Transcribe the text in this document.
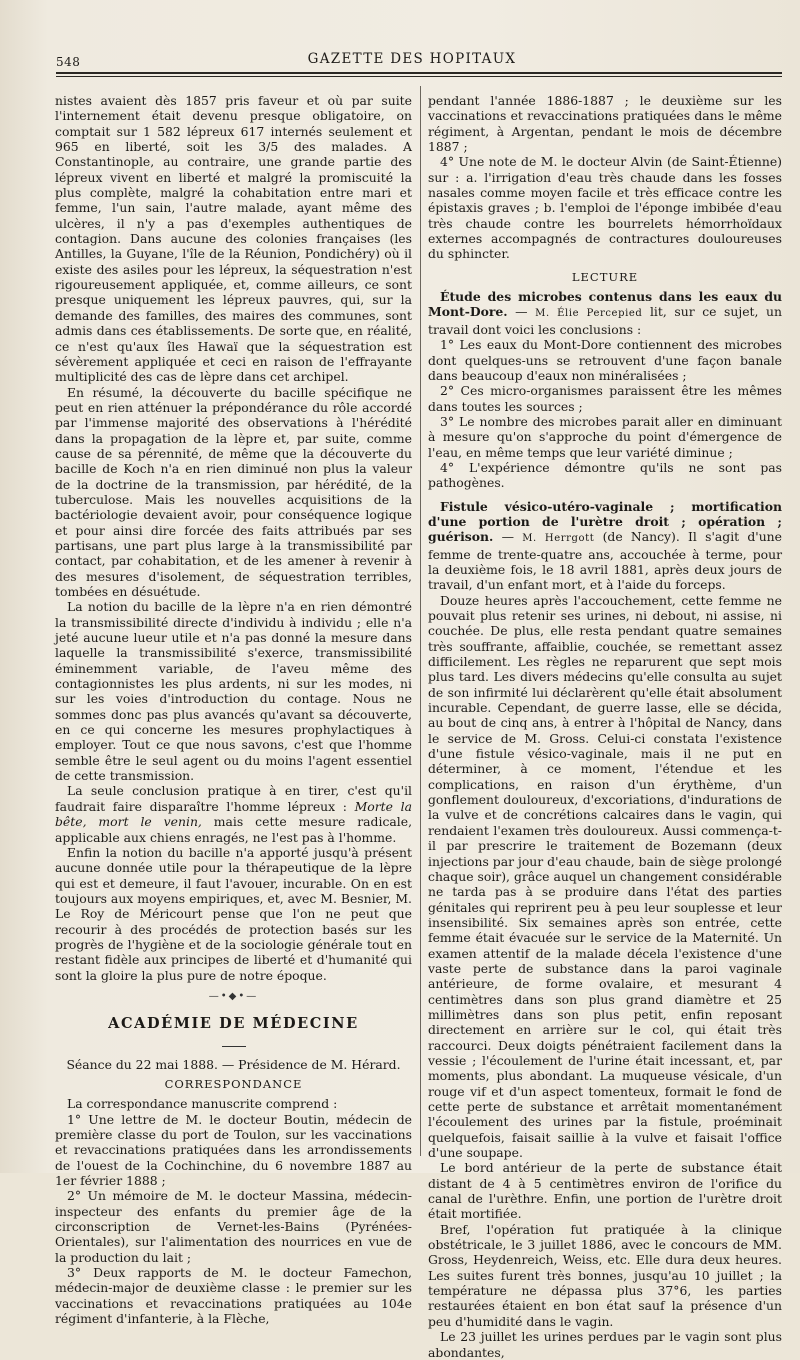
548	GAZETTE DES HOPITAUX

nistes avaient dès 1857 pris faveur et où par suite l'internement était devenu presque obligatoire, on comptait sur 1 582 lépreux 617 internés seulement et 965 en liberté, soit les 3/5 des malades. A Constantinople, au contraire, une grande partie des lépreux vivent en liberté et malgré la promiscuité la plus complète, malgré la cohabitation entre mari et femme, l'un sain, l'autre malade, ayant même des ulcères, il n'y a pas d'exemples authentiques de contagion. Dans aucune des colonies françaises (les Antilles, la Guyane, l'île de la Réunion, Pondichéry) où il existe des asiles pour les lépreux, la séquestration n'est rigoureusement appliquée, et, comme ailleurs, ce sont presque uniquement les lépreux pauvres, qui, sur la demande des familles, des maires des communes, sont admis dans ces établissements. De sorte que, en réalité, ce n'est qu'aux îles Hawaï que la séquestration est sévèrement appliquée et ceci en raison de l'effrayante multiplicité des cas de lèpre dans cet archipel.

En résumé, la découverte du bacille spécifique ne peut en rien atténuer la prépondérance du rôle accordé par l'immense majorité des observations à l'hérédité dans la propagation de la lèpre et, par suite, comme cause de sa pérennité, de même que la découverte du bacille de Koch n'a en rien diminué non plus la valeur de la doctrine de la transmission, par hérédité, de la tuberculose. Mais les nouvelles acquisitions de la bactériologie devaient avoir, pour conséquence logique et pour ainsi dire forcée des faits attribués par ses partisans, une part plus large à la transmissibilité par contact, par cohabitation, et de les amener à revenir à des mesures d'isolement, de séquestration terribles, tombées en désuétude.

La notion du bacille de la lèpre n'a en rien démontré la transmissibilité directe d'individu à individu ; elle n'a jeté aucune lueur utile et n'a pas donné la mesure dans laquelle la transmissibilité s'exerce, transmissibilité éminemment variable, de l'aveu même des contagionnistes les plus ardents, ni sur les modes, ni sur les voies d'introduction du contage. Nous ne sommes donc pas plus avancés qu'avant sa découverte, en ce qui concerne les mesures prophylactiques à employer. Tout ce que nous savons, c'est que l'homme semble être le seul agent ou du moins l'agent essentiel de cette transmission.

La seule conclusion pratique à en tirer, c'est qu'il faudrait faire disparaître l'homme lépreux : Morte la bête, mort le venin, mais cette mesure radicale, applicable aux chiens enragés, ne l'est pas à l'homme.

Enfin la notion du bacille n'a apporté jusqu'à présent aucune donnée utile pour la thérapeutique de la lèpre qui est et demeure, il faut l'avouer, incurable. On en est toujours aux moyens empiriques, et, avec M. Besnier, M. Le Roy de Méricourt pense que l'on ne peut que recourir à des procédés de protection basés sur les progrès de l'hygiène et de la sociologie générale tout en restant fidèle aux principes de liberté et d'humanité qui sont la gloire la plus pure de notre époque.

—•◆•—
ACADÉMIE DE MÉDECINE
Séance du 22 mai 1888. — Présidence de M. Hérard.
CORRESPONDANCE

La correspondance manuscrite comprend :

1° Une lettre de M. le docteur Boutin, médecin de première classe du port de Toulon, sur les vaccinations et revaccinations pratiquées dans les arrondissements de l'ouest de la Cochinchine, du 6 novembre 1887 au 1er février 1888 ;

2° Un mémoire de M. le docteur Massina, médecin-inspecteur des enfants du premier âge de la circonscription de Vernet-les-Bains (Pyrénées-Orientales), sur l'alimentation des nourrices en vue de la production du lait ;

3° Deux rapports de M. le docteur Famechon, médecin-major de deuxième classe : le premier sur les vaccinations et revaccinations pratiquées au 104e régiment d'infanterie, à la Flèche,

pendant l'année 1886-1887 ; le deuxième sur les vaccinations et revaccinations pratiquées dans le même régiment, à Argentan, pendant le mois de décembre 1887 ;

4° Une note de M. le docteur Alvin (de Saint-Étienne) sur : a. l'irrigation d'eau très chaude dans les fosses nasales comme moyen facile et très efficace contre les épistaxis graves ; b. l'emploi de l'éponge imbibée d'eau très chaude contre les bourrelets hémorrhoïdaux externes accompagnés de contractures douloureuses du sphincter.

LECTURE

Étude des microbes contenus dans les eaux du Mont-Dore. — M. Élie Percepied lit, sur ce sujet, un travail dont voici les conclusions :

1° Les eaux du Mont-Dore contiennent des microbes dont quelques-uns se retrouvent d'une façon banale dans beaucoup d'eaux non minéralisées ;

2° Ces micro-organismes paraissent être les mêmes dans toutes les sources ;

3° Le nombre des microbes parait aller en diminuant à mesure qu'on s'approche du point d'émergence de l'eau, en même temps que leur variété diminue ;

4° L'expérience démontre qu'ils ne sont pas pathogènes.

Fistule vésico-utéro-vaginale ; mortification d'une portion de l'urètre droit ; opération ; guérison. — M. Herrgott (de Nancy). Il s'agit d'une femme de trente-quatre ans, accouchée à terme, pour la deuxième fois, le 18 avril 1881, après deux jours de travail, d'un enfant mort, et à l'aide du forceps.

Douze heures après l'accouchement, cette femme ne pouvait plus retenir ses urines, ni debout, ni assise, ni couchée. De plus, elle resta pendant quatre semaines très souffrante, affaiblie, couchée, se remettant assez difficilement. Les règles ne reparurent que sept mois plus tard. Les divers médecins qu'elle consulta au sujet de son infirmité lui déclarèrent qu'elle était absolument incurable. Cependant, de guerre lasse, elle se décida, au bout de cinq ans, à entrer à l'hôpital de Nancy, dans le service de M. Gross. Celui-ci constata l'existence d'une fistule vésico-vaginale, mais il ne put en déterminer, à ce moment, l'étendue et les complications, en raison d'un érythème, d'un gonflement douloureux, d'excoriations, d'indurations de la vulve et de concrétions calcaires dans le vagin, qui rendaient l'examen très douloureux. Aussi commença-t-il par prescrire le traitement de Bozemann (deux injections par jour d'eau chaude, bain de siège prolongé chaque soir), grâce auquel un changement considérable ne tarda pas à se produire dans l'état des parties génitales qui reprirent peu à peu leur souplesse et leur insensibilité. Six semaines après son entrée, cette femme était évacuée sur le service de la Maternité. Un examen attentif de la malade décela l'existence d'une vaste perte de substance dans la paroi vaginale antérieure, de forme ovalaire, et mesurant 4 centimètres dans son plus grand diamètre et 25 millimètres dans son plus petit, enfin reposant directement en arrière sur le col, qui était très raccourci. Deux doigts pénétraient facilement dans la vessie ; l'écoulement de l'urine était incessant, et, par moments, plus abondant. La muqueuse vésicale, d'un rouge vif et d'un aspect tomenteux, formait le fond de cette perte de substance et arrêtait momentanément l'écoulement des urines par la fistule, proéminait quelquefois, faisait saillie à la vulve et faisait l'office d'une soupape.

Le bord antérieur de la perte de substance était distant de 4 à 5 centimètres environ de l'orifice du canal de l'urèthre. Enfin, une portion de l'urètre droit était mortifiée.

Bref, l'opération fut pratiquée à la clinique obstétricale, le 3 juillet 1886, avec le concours de MM. Gross, Heydenreich, Weiss, etc. Elle dura deux heures. Les suites furent très bonnes, jusqu'au 10 juillet ; la température ne dépassa plus 37°6, les parties restaurées étaient en bon état sauf la présence d'un peu d'humidité dans le vagin.

Le 23 juillet les urines perdues par le vagin sont plus abondantes,
